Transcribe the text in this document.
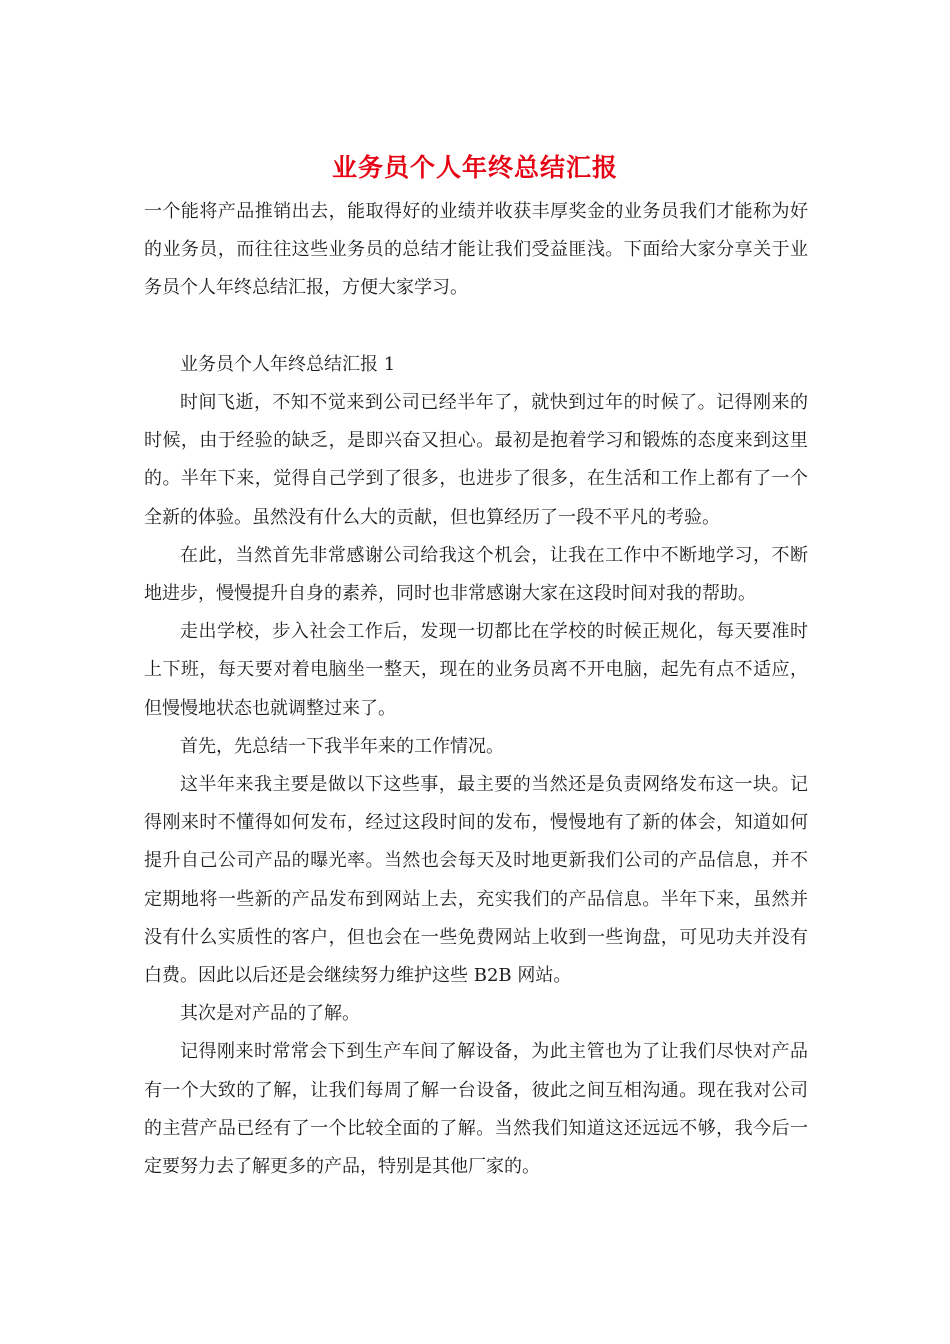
业务员个人年终总结汇报

一个能将产品推销出去，能取得好的业绩并收获丰厚奖金的业务员我们才能称为好的业务员，而往往这些业务员的总结才能让我们受益匪浅。下面给大家分享关于业务员个人年终总结汇报，方便大家学习。

业务员个人年终总结汇报 1

时间飞逝，不知不觉来到公司已经半年了，就快到过年的时候了。记得刚来的时候，由于经验的缺乏，是即兴奋又担心。最初是抱着学习和锻炼的态度来到这里的。半年下来，觉得自己学到了很多，也进步了很多，在生活和工作上都有了一个全新的体验。虽然没有什么大的贡献，但也算经历了一段不平凡的考验。

在此，当然首先非常感谢公司给我这个机会，让我在工作中不断地学习，不断地进步，慢慢提升自身的素养，同时也非常感谢大家在这段时间对我的帮助。

走出学校，步入社会工作后，发现一切都比在学校的时候正规化，每天要准时上下班，每天要对着电脑坐一整天，现在的业务员离不开电脑，起先有点不适应，但慢慢地状态也就调整过来了。

首先，先总结一下我半年来的工作情况。

这半年来我主要是做以下这些事，最主要的当然还是负责网络发布这一块。记得刚来时不懂得如何发布，经过这段时间的发布，慢慢地有了新的体会，知道如何提升自己公司产品的曝光率。当然也会每天及时地更新我们公司的产品信息，并不定期地将一些新的产品发布到网站上去，充实我们的产品信息。半年下来，虽然并没有什么实质性的客户，但也会在一些免费网站上收到一些询盘，可见功夫并没有白费。因此以后还是会继续努力维护这些 B2B 网站。

其次是对产品的了解。

记得刚来时常常会下到生产车间了解设备，为此主管也为了让我们尽快对产品有一个大致的了解，让我们每周了解一台设备，彼此之间互相沟通。现在我对公司的主营产品已经有了一个比较全面的了解。当然我们知道这还远远不够，我今后一定要努力去了解更多的产品，特别是其他厂家的。
